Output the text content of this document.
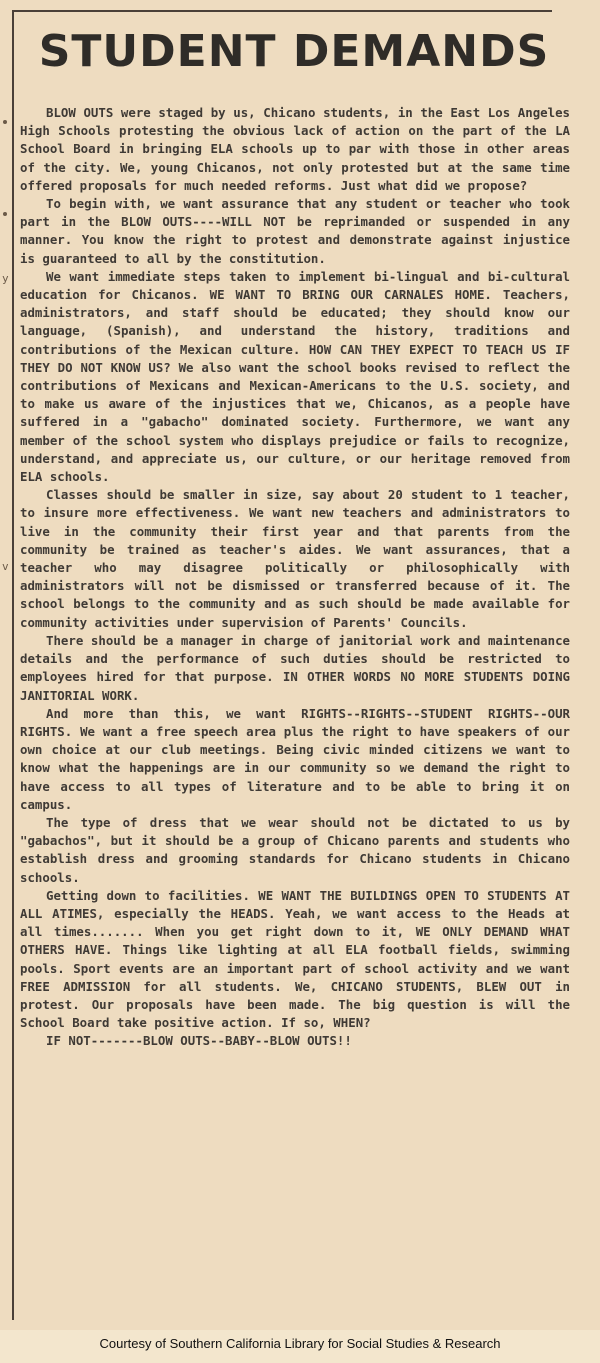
y
v
STUDENT DEMANDS

BLOW OUTS were staged by us, Chicano students, in the East Los Angeles High Schools protesting the obvious lack of action on the part of the LA School Board in bringing ELA schools up to par with those in other areas of the city. We, young Chicanos, not only protested but at the same time offered proposals for much needed reforms. Just what did we propose?

To begin with, we want assurance that any student or teacher who took part in the BLOW OUTS----WILL NOT be reprimanded or suspended in any manner. You know the right to protest and demonstrate against injustice is guaranteed to all by the constitution.

We want immediate steps taken to implement bi-lingual and bi-cultural education for Chicanos. WE WANT TO BRING OUR CARNALES HOME. Teachers, administrators, and staff should be educated; they should know our language, (Spanish), and understand the history, traditions and contributions of the Mexican culture. HOW CAN THEY EXPECT TO TEACH US IF THEY DO NOT KNOW US? We also want the school books revised to reflect the contributions of Mexicans and Mexican-Americans to the U.S. society, and to make us aware of the injustices that we, Chicanos, as a people have suffered in a "gabacho" dominated society. Furthermore, we want any member of the school system who displays prejudice or fails to recognize, understand, and appreciate us, our culture, or our heritage removed from ELA schools.

Classes should be smaller in size, say about 20 student to 1 teacher, to insure more effectiveness. We want new teachers and administrators to live in the community their first year and that parents from the community be trained as teacher's aides. We want assurances, that a teacher who may disagree politically or philosophically with administrators will not be dismissed or transferred because of it. The school belongs to the community and as such should be made available for community activities under supervision of Parents' Councils.

There should be a manager in charge of janitorial work and maintenance details and the performance of such duties should be restricted to employees hired for that purpose. IN OTHER WORDS NO MORE STUDENTS DOING JANITORIAL WORK.

And more than this, we want RIGHTS--RIGHTS--STUDENT RIGHTS--OUR RIGHTS. We want a free speech area plus the right to have speakers of our own choice at our club meetings. Being civic minded citizens we want to know what the happenings are in our community so we demand the right to have access to all types of literature and to be able to bring it on campus.

The type of dress that we wear should not be dictated to us by "gabachos", but it should be a group of Chicano parents and students who establish dress and grooming standards for Chicano students in Chicano schools.

Getting down to facilities. WE WANT THE BUILDINGS OPEN TO STUDENTS AT ALL ATIMES, especially the HEADS. Yeah, we want access to the Heads at all times....... When you get right down to it, WE ONLY DEMAND WHAT OTHERS HAVE. Things like lighting at all ELA football fields, swimming pools. Sport events are an important part of school activity and we want FREE ADMISSION for all students. We, CHICANO STUDENTS, BLEW OUT in protest. Our proposals have been made. The big question is will the School Board take positive action. If so, WHEN?

IF NOT-------BLOW OUTS--BABY--BLOW OUTS!!

Courtesy of Southern California Library for Social Studies & Research
